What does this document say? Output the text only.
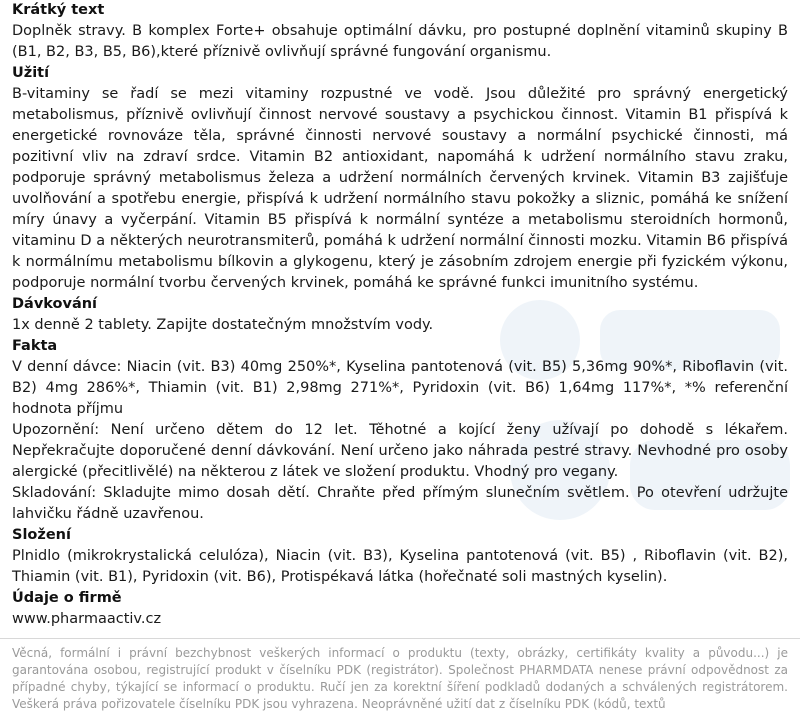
Krátký text

Doplněk stravy. B komplex Forte+ obsahuje optimální dávku, pro postupné doplnění vitaminů skupiny B (B1, B2, B3, B5, B6),které příznivě ovlivňují správné fungování organismu.

Užití

B-vitaminy se řadí se mezi vitaminy rozpustné ve vodě. Jsou důležité pro správný energetický metabolismus, příznivě ovlivňují činnost nervové soustavy a psychickou činnost. Vitamin B1 přispívá k energetické rovnováze těla, správné činnosti nervové soustavy a normální psychické činnosti, má pozitivní vliv na zdraví srdce. Vitamin B2 antioxidant, napomáhá k udržení normálního stavu zraku, podporuje správný metabolismus železa a udržení normálních červených krvinek. Vitamin B3 zajišťuje uvolňování a spotřebu energie, přispívá k udržení normálního stavu pokožky a sliznic, pomáhá ke snížení míry únavy a vyčerpání. Vitamin B5 přispívá k normální syntéze a metabolismu steroidních hormonů, vitaminu D a některých neurotransmiterů, pomáhá k udržení normální činnosti mozku. Vitamin B6 přispívá k normálnímu metabolismu bílkovin a glykogenu, který je zásobním zdrojem energie při fyzickém výkonu, podporuje normální tvorbu červených krvinek, pomáhá ke správné funkci imunitního systému.

Dávkování

1x denně 2 tablety. Zapijte dostatečným množstvím vody.

Fakta

V denní dávce: Niacin (vit. B3) 40mg 250%*, Kyselina pantotenová (vit. B5) 5,36mg 90%*, Riboflavin (vit. B2) 4mg 286%*, Thiamin (vit. B1) 2,98mg 271%*, Pyridoxin (vit. B6) 1,64mg 117%*, *% referenční hodnota příjmu

Upozornění: Není určeno dětem do 12 let. Těhotné a kojící ženy užívají po dohodě s lékařem. Nepřekračujte doporučené denní dávkování. Není určeno jako náhrada pestré stravy. Nevhodné pro osoby alergické (přecitlivělé) na některou z látek ve složení produktu. Vhodný pro vegany.

Skladování: Skladujte mimo dosah dětí. Chraňte před přímým slunečním světlem. Po otevření udržujte lahvičku řádně uzavřenou.

Složení

Plnidlo (mikrokrystalická celulóza), Niacin (vit. B3), Kyselina pantotenová (vit. B5) , Riboflavin (vit. B2), Thiamin (vit. B1), Pyridoxin (vit. B6), Protispékavá látka (hořečnaté soli mastných kyselin).

Údaje o firmě

www.pharmaactiv.cz

Věcná, formální i právní bezchybnost veškerých informací o produktu (texty, obrázky, certifikáty kvality a původu...) je garantována osobou, registrující produkt v číselníku PDK (registrátor). Společnost PHARMDATA nenese právní odpovědnost za případné chyby, týkající se informací o produktu. Ručí jen za korektní šíření podkladů dodaných a schválených registrátorem. Veškerá práva pořizovatele číselníku PDK jsou vyhrazena. Neoprávněné užití dat z číselníku PDK (kódů, textů
